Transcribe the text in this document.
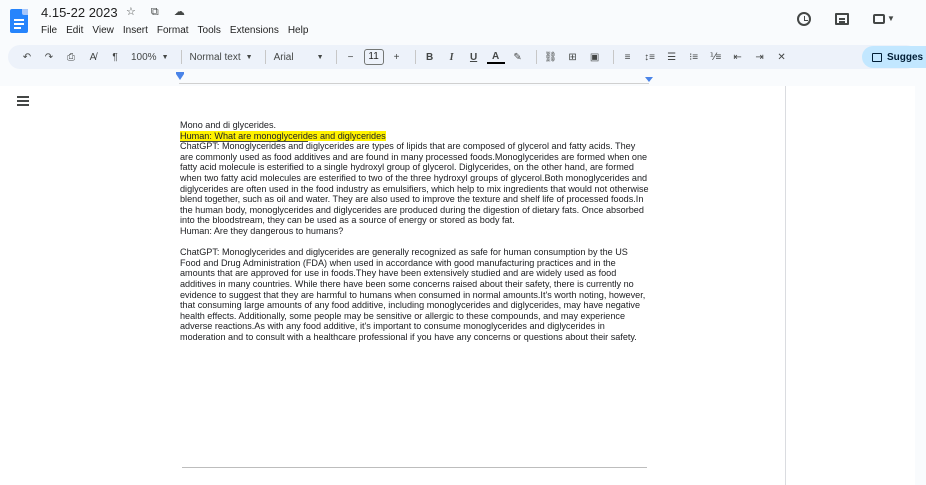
4.15-22 2023 ☆ ⧉ ☁
File Edit View Insert Format Tools Extensions Help
▼
↶	↷	⎙	A̸	¶	100% ▼ Normal text ▼ Arial	▼	−	11	+	B	I	U	A	✎	⛓	⊞	▣	≡	↕≡	☰	⁝≡	⅟≡	⇤	⇥	✕	Sugges

Mono and di glycerides.

Human: What are monoglycerides and diglycerides

ChatGPT: Monoglycerides and diglycerides are types of lipids that are composed of glycerol and fatty acids. They are commonly used as food additives and are found in many processed foods.Monoglycerides are formed when one fatty acid molecule is esterified to a single hydroxyl group of glycerol. Diglycerides, on the other hand, are formed when two fatty acid molecules are esterified to two of the three hydroxyl groups of glycerol.Both monoglycerides and diglycerides are often used in the food industry as emulsifiers, which help to mix ingredients that would not otherwise blend together, such as oil and water. They are also used to improve the texture and shelf life of processed foods.In the human body, monoglycerides and diglycerides are produced during the digestion of dietary fats. Once absorbed into the bloodstream, they can be used as a source of energy or stored as body fat.

Human: Are they dangerous to humans?

ChatGPT: Monoglycerides and diglycerides are generally recognized as safe for human consumption by the US Food and Drug Administration (FDA) when used in accordance with good manufacturing practices and in the amounts that are approved for use in foods.They have been extensively studied and are widely used as food additives in many countries. While there have been some concerns raised about their safety, there is currently no evidence to suggest that they are harmful to humans when consumed in normal amounts.It's worth noting, however, that consuming large amounts of any food additive, including monoglycerides and diglycerides, may have negative health effects. Additionally, some people may be sensitive or allergic to these compounds, and may experience adverse reactions.As with any food additive, it's important to consume monoglycerides and diglycerides in moderation and to consult with a healthcare professional if you have any concerns or questions about their safety.
